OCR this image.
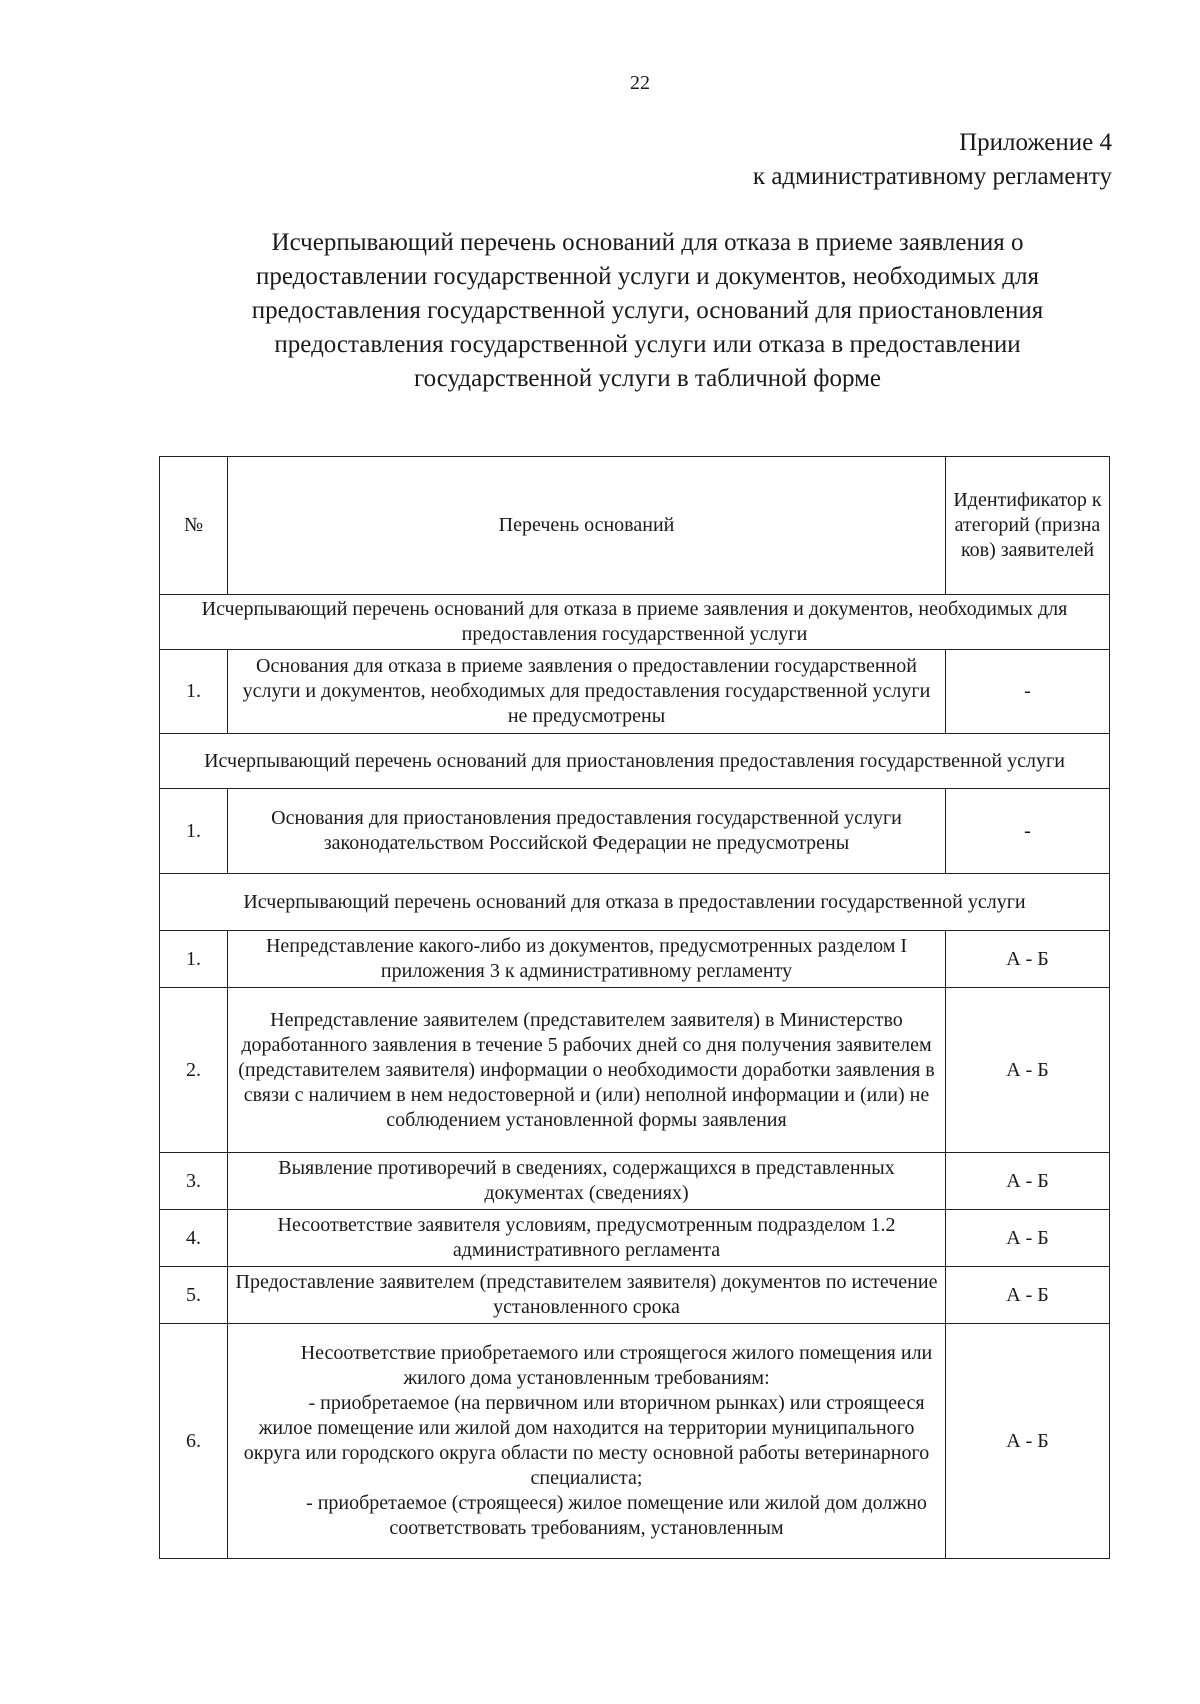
22
Приложение 4
к административному регламенту
Исчерпывающий перечень оснований для отказа в приеме заявления о предоставлении государственной услуги и документов, необходимых для предоставления государственной услуги, оснований для приостановления предоставления государственной услуги или отказа в предоставлении государственной услуги в табличной форме
№	Перечень оснований	Идентификатор категорий (признаков) заявителей
Исчерпывающий перечень оснований для отказа в приеме заявления и документов, необходимых для предоставления государственной услуги		
1.	Основания для отказа в приеме заявления о предоставлении государственной услуги и документов, необходимых для предоставления государственной услуги не предусмотрены	-
Исчерпывающий перечень оснований для приостановления предоставления государственной услуги		
1.	Основания для приостановления предоставления государственной услуги законодательством Российской Федерации не предусмотрены	-
Исчерпывающий перечень оснований для отказа в предоставлении государственной услуги		
1.	Непредставление какого-либо из документов, предусмотренных разделом I приложения 3 к административному регламенту	А - Б
2.	Непредставление заявителем (представителем заявителя) в Министерство доработанного заявления в течение 5 рабочих дней со дня получения заявителем (представителем заявителя) информации о необходимости доработки заявления в связи с наличием в нем недостоверной и (или) неполной информации и (или) не соблюдением установленной формы заявления	А - Б
3.	Выявление противоречий в сведениях, содержащихся в представленных документах (сведениях)	А - Б
4.	Несоответствие заявителя условиям, предусмотренным подразделом 1.2 административного регламента	А - Б
5.	Предоставление заявителем (представителем заявителя) документов по истечение установленного срока	А - Б
6.	Несоответствие приобретаемого или строящегося жилого помещения или жилого дома установленным требованиям:
- приобретаемое (на первичном или вторичном рынках) или строящееся жилое помещение или жилой дом находится на территории муниципального округа или городского округа области по месту основной работы ветеринарного специалиста;
- приобретаемое (строящееся) жилое помещение или жилой дом должно соответствовать требованиям, установленным	А - Б
